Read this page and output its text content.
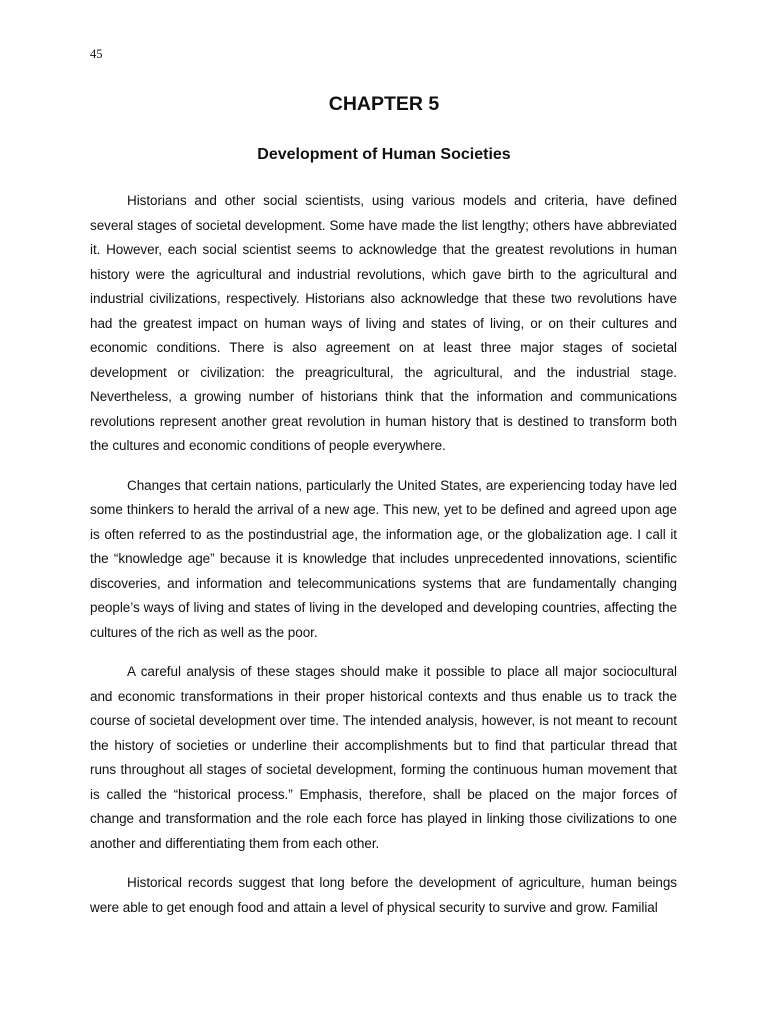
45
CHAPTER 5
Development of Human Societies

Historians and other social scientists, using various models and criteria, have defined several stages of societal development. Some have made the list lengthy; others have abbreviated it. However, each social scientist seems to acknowledge that the greatest revolutions in human history were the agricultural and industrial revolutions, which gave birth to the agricultural and industrial civilizations, respectively. Historians also acknowledge that these two revolutions have had the greatest impact on human ways of living and states of living, or on their cultures and economic conditions. There is also agreement on at least three major stages of societal development or civilization: the preagricultural, the agricultural, and the industrial stage. Nevertheless, a growing number of historians think that the information and communications revolutions represent another great revolution in human history that is destined to transform both the cultures and economic conditions of people everywhere.

Changes that certain nations, particularly the United States, are experiencing today have led some thinkers to herald the arrival of a new age. This new, yet to be defined and agreed upon age is often referred to as the postindustrial age, the information age, or the globalization age. I call it the “knowledge age” because it is knowledge that includes unprecedented innovations, scientific discoveries, and information and telecommunications systems that are fundamentally changing people’s ways of living and states of living in the developed and developing countries, affecting the cultures of the rich as well as the poor.

A careful analysis of these stages should make it possible to place all major sociocultural and economic transformations in their proper historical contexts and thus enable us to track the course of societal development over time. The intended analysis, however, is not meant to recount the history of societies or underline their accomplishments but to find that particular thread that runs throughout all stages of societal development, forming the continuous human movement that is called the “historical process.” Emphasis, therefore, shall be placed on the major forces of change and transformation and the role each force has played in linking those civilizations to one another and differentiating them from each other.

Historical records suggest that long before the development of agriculture, human beings were able to get enough food and attain a level of physical security to survive and grow. Familial
